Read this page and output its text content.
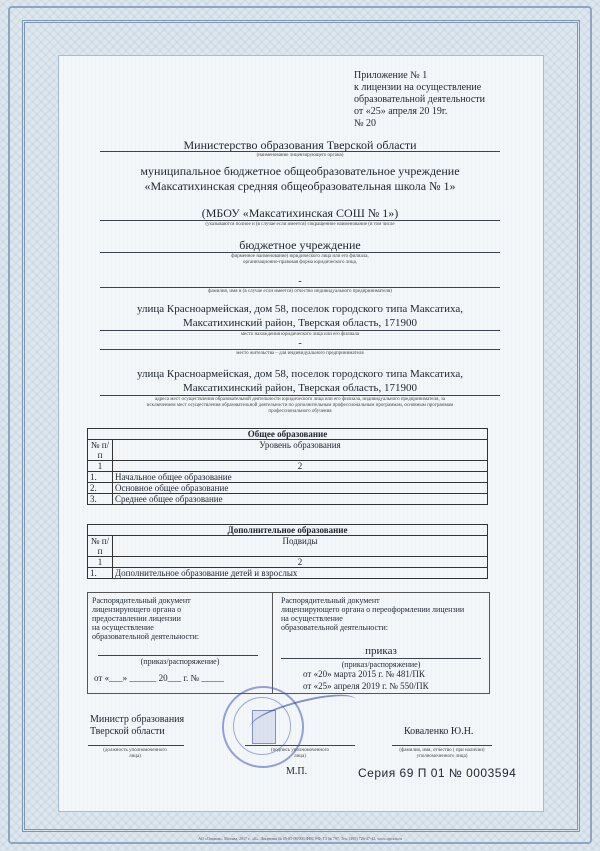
Приложение № 1
к лицензии на осуществление
образовательной деятельности
от «25» апреля 20 19г.
№ 20
Министерство образования Тверской области
(наименование лицензирующего органа)
муниципальное бюджетное общеобразовательное учреждение
«Максатихинская средняя общеобразовательная школа № 1»
(МБОУ «Максатихинская СОШ № 1»)
(указываются полное и (в случае если имеется) сокращенное наименование (в том числе
бюджетное учреждение
фирменное наименование) юридического лица или его филиала,
организационно-правовая форма юридического лица,
-
фамилия, имя и (в случае если имеется) отчество индивидуального предпринимателя)
улица Красноармейская, дом 58, поселок городского типа Максатиха,
Максатихинский район, Тверская область, 171900
место нахождения юридического лица или его филиала
-
место жительства – для индивидуального предпринимателя
улица Красноармейская, дом 58, поселок городского типа Максатиха,
Максатихинский район, Тверская область, 171900
адреса мест осуществления образовательной деятельности юридического лица или его филиала, индивидуального предпринимателя, за
исключением мест осуществления образовательной деятельности по дополнительным профессиональным программам, основным программам
профессионального обучения
Общее образование	
№ п/п	Уровень образования
1	2
1.	Начальное общее образование
2.	Основное общее образование
3.	Среднее общее образование
Дополнительное образование	
№ п/п	Подвиды
1	2
1.	Дополнительное образование детей и взрослых
Распорядительный документ
лицензирующего органа о
предоставлении лицензии
на осуществление
образовательной деятельности:
(приказ/распоряжение)
от «___» ______ 20___ г. № _____
Распорядительный документ
лицензирующего органа о переоформлении лицензии
на осуществление
образовательной деятельности:
приказ
(приказ/распоряжение)
от «20» марта 2015 г. № 481/ПК
от «25» апреля 2019 г. № 550/ПК
Министр образования
Тверской области
(должность уполномоченного
лица)
(подпись уполномоченного
лица)
Коваленко Ю.Н.
(фамилия, имя, отчество ( при наличии)
уполномоченного лица)
М.П.	Серия 69 П 01 № 0003594
АО «Опцион», Москва, 2017 г., «Б», Лицензия № 05-05-09/003 ФНС РФ, ТЗ № 797, Тел. (495) 726-47-42, www.opcion.ru
